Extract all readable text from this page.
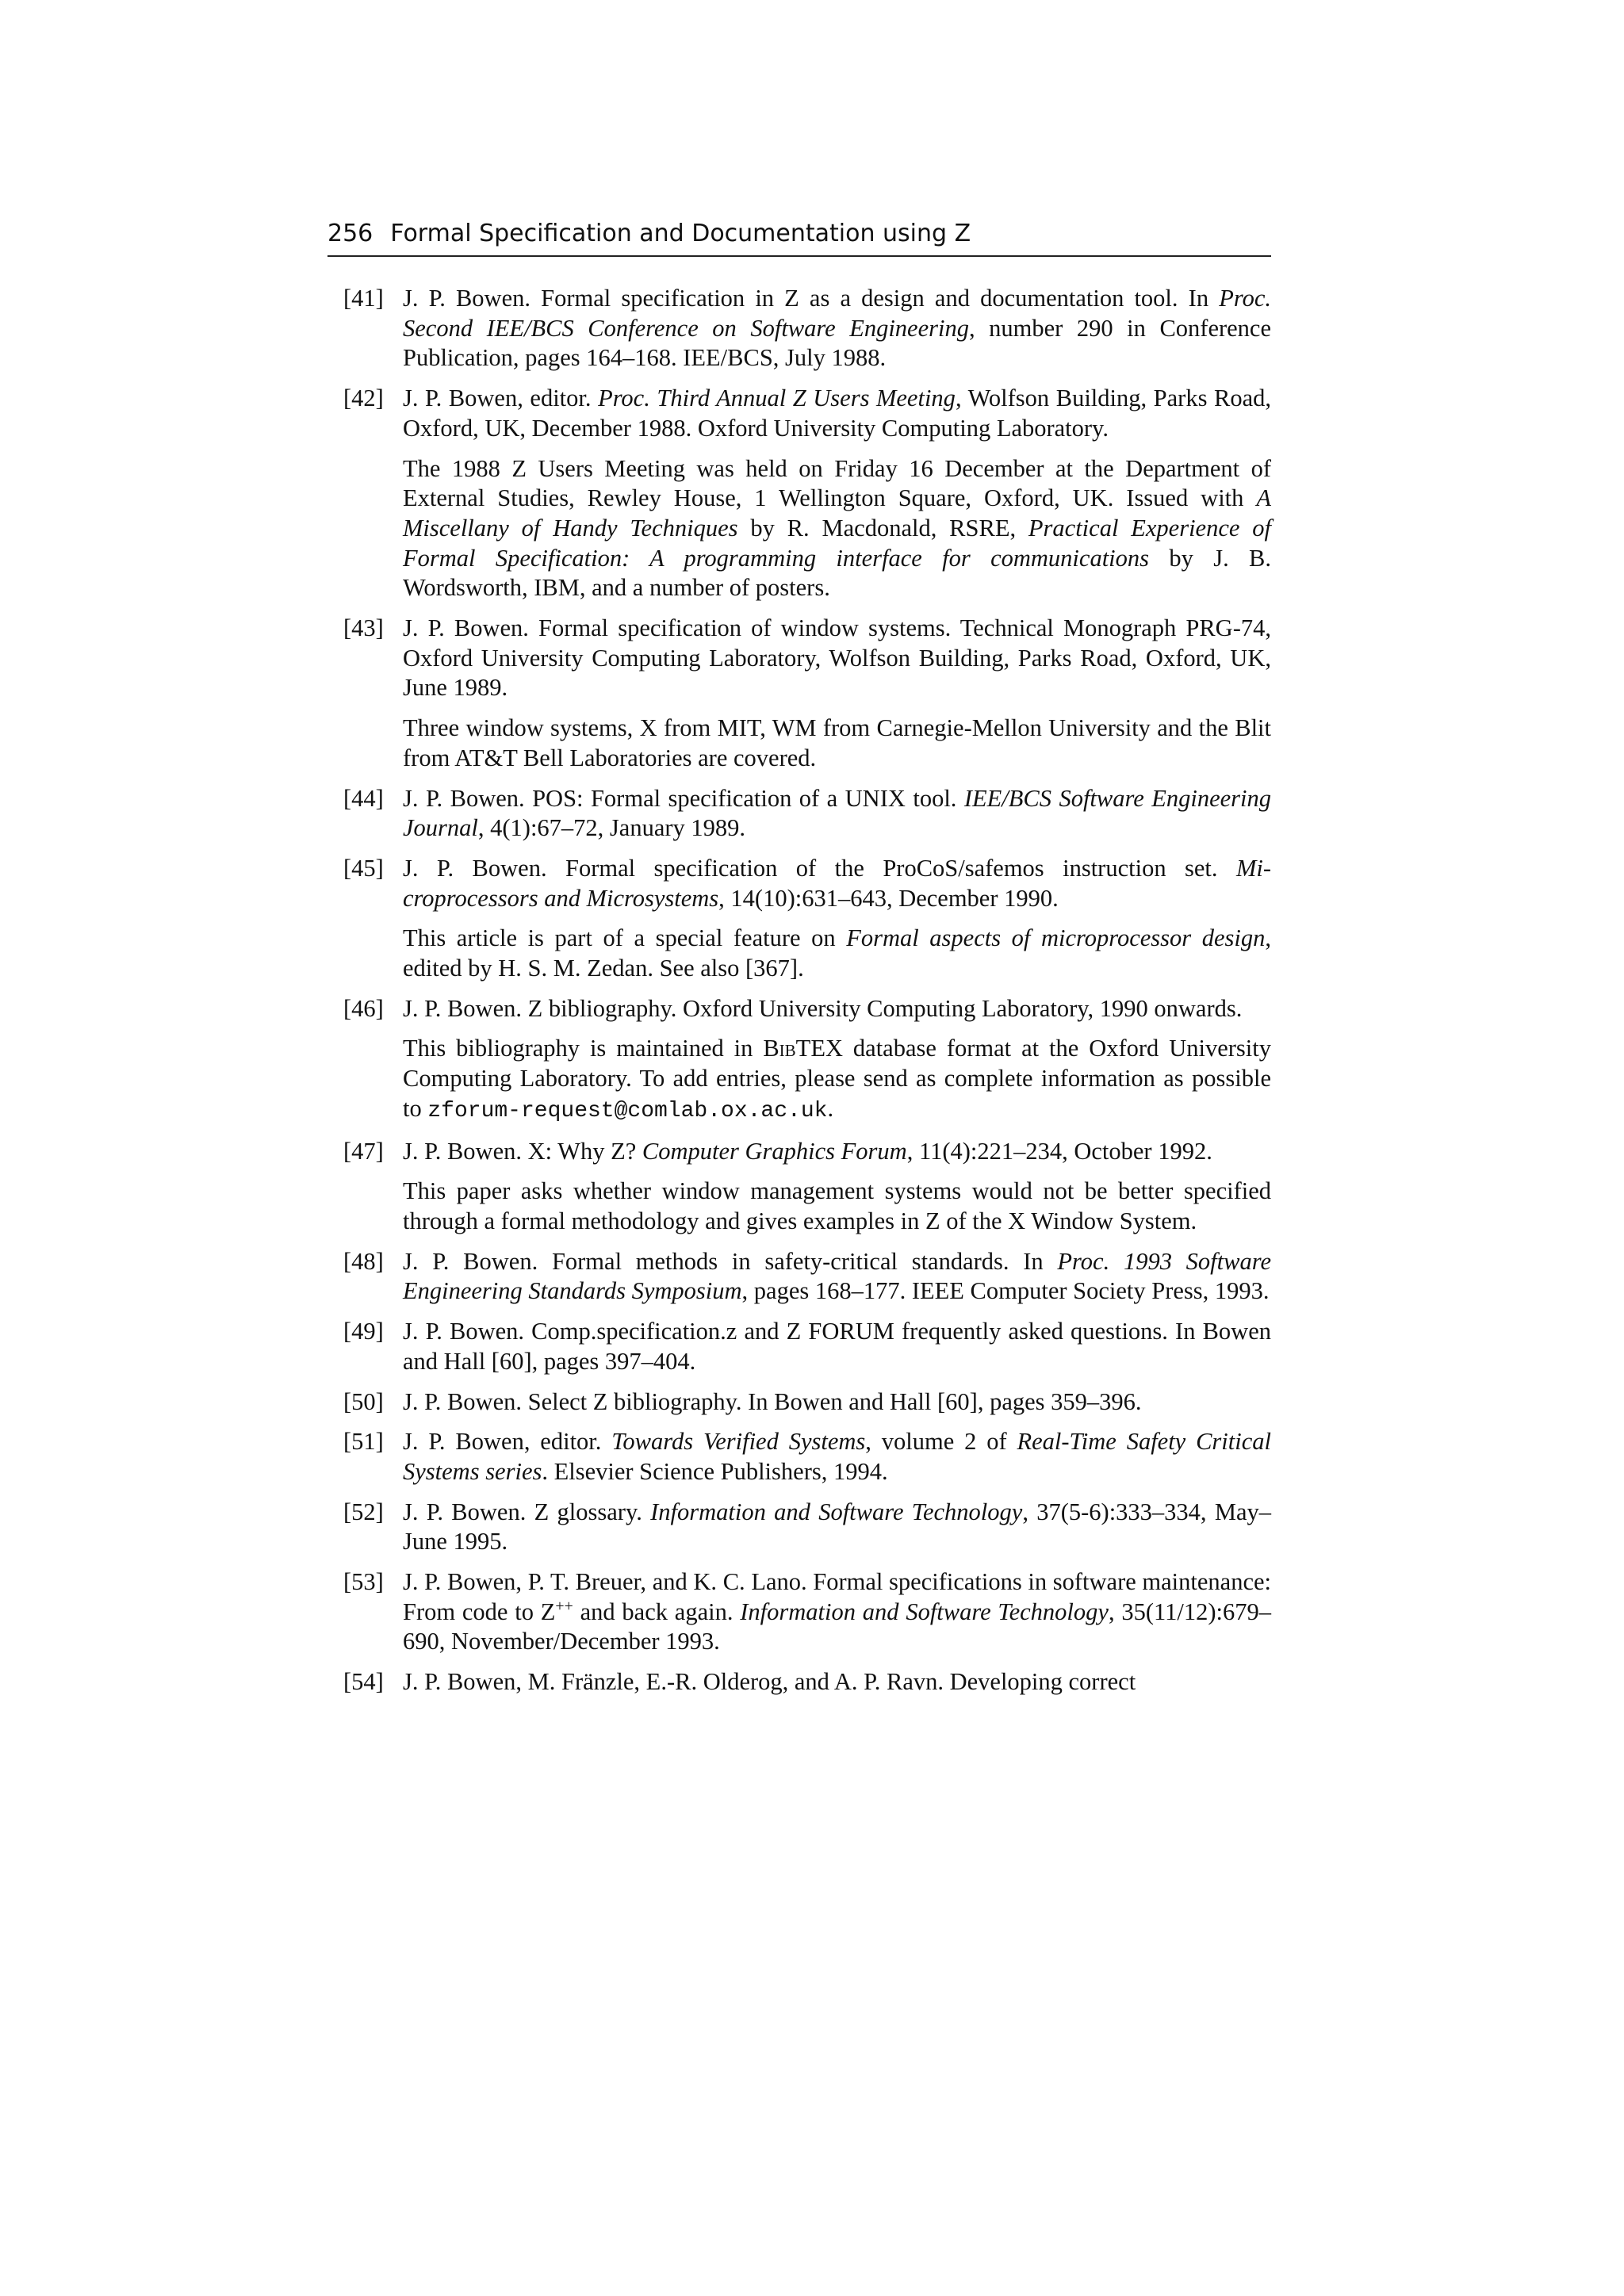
256 Formal Specification and Documentation using Z
[41] J. P. Bowen. Formal specification in Z as a design and documentation tool. In Proc. Second IEE/BCS Conference on Software Engineering, number 290 in Conference Publication, pages 164–168. IEE/BCS, July 1988.

[42] J. P. Bowen, editor. Proc. Third Annual Z Users Meeting, Wolfson Building, Parks Road, Oxford, UK, December 1988. Oxford University Computing Laboratory.

The 1988 Z Users Meeting was held on Friday 16 December at the Department of External Studies, Rewley House, 1 Wellington Square, Oxford, UK. Issued with A Miscellany of Handy Techniques by R. Macdonald, RSRE, Practical Experience of Formal Specification: A programming interface for communications by J. B. Wordsworth, IBM, and a number of posters.

[43] J. P. Bowen. Formal specification of window systems. Technical Monograph PRG-74, Oxford University Computing Laboratory, Wolfson Building, Parks Road, Oxford, UK, June 1989.

Three window systems, X from MIT, WM from Carnegie-Mellon University and the Blit from AT&T Bell Laboratories are covered.

[44] J. P. Bowen. POS: Formal specification of a UNIX tool. IEE/BCS Software Engineering Journal, 4(1):67–72, January 1989.

[45] J. P. Bowen. Formal specification of the ProCoS/safemos instruction set. Microprocessors and Microsystems, 14(10):631–643, December 1990.

This article is part of a special feature on Formal aspects of microprocessor design, edited by H. S. M. Zedan. See also [367].

[46] J. P. Bowen. Z bibliography. Oxford University Computing Laboratory, 1990 onwards.

This bibliography is maintained in BibTEX database format at the Oxford University Computing Laboratory. To add entries, please send as complete information as possible to zforum-request@comlab.ox.ac.uk.

[47] J. P. Bowen. X: Why Z? Computer Graphics Forum, 11(4):221–234, October 1992.

This paper asks whether window management systems would not be better specified through a formal methodology and gives examples in Z of the X Window System.

[48] J. P. Bowen. Formal methods in safety-critical standards. In Proc. 1993 Software Engineering Standards Symposium, pages 168–177. IEEE Computer Society Press, 1993.

[49] J. P. Bowen. Comp.specification.z and Z FORUM frequently asked questions. In Bowen and Hall [60], pages 397–404.

[50] J. P. Bowen. Select Z bibliography. In Bowen and Hall [60], pages 359–396.

[51] J. P. Bowen, editor. Towards Verified Systems, volume 2 of Real-Time Safety Critical Systems series. Elsevier Science Publishers, 1994.

[52] J. P. Bowen. Z glossary. Information and Software Technology, 37(5-6):333–334, May–June 1995.

[53] J. P. Bowen, P. T. Breuer, and K. C. Lano. Formal specifications in software maintenance: From code to Z++ and back again. Information and Software Technology, 35(11/12):679–690, November/December 1993.

[54] J. P. Bowen, M. Fränzle, E.-R. Olderog, and A. P. Ravn. Developing correct
